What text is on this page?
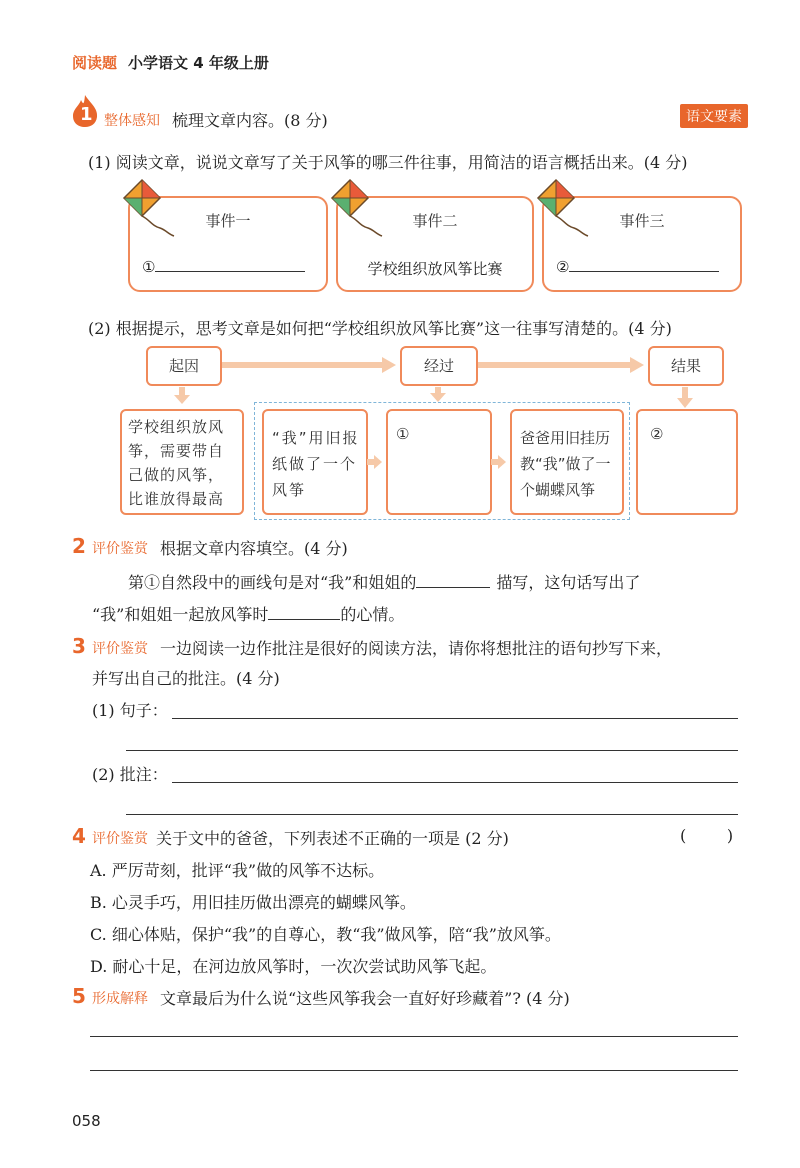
阅读题 小学语文 4 年级上册
1 整体感知 梳理文章内容。(8 分)	语文要素
(1) 阅读文章，说说文章写了关于风筝的哪三件往事，用简洁的语言概括出来。(4 分)
事件一	事件二	事件三
①	学校组织放风筝比赛	②
(2) 根据提示，思考文章是如何把“学校组织放风筝比赛”这一往事写清楚的。(4 分)
起因	经过	结果
学校组织放风筝，需要带自己做的风筝，比谁放得最高
“我”用旧报纸做了一个风筝
①	爸爸用旧挂历教“我”做了一个蝴蝶风筝
②
2 评价鉴赏 根据文章内容填空。(4 分)
第①自然段中的画线句是对“我”和姐姐的	描写，这句话写出了
“我”和姐姐一起放风筝时	的心情。
3 评价鉴赏 一边阅读一边作批注是很好的阅读方法，请你将想批注的语句抄写下来，
并写出自己的批注。(4 分)
(1) 句子：
(2) 批注：
4 评价鉴赏 关于文中的爸爸，下列表述不正确的一项是 (2 分)	(        )
A. 严厉苛刻，批评“我”做的风筝不达标。
B. 心灵手巧，用旧挂历做出漂亮的蝴蝶风筝。
C. 细心体贴，保护“我”的自尊心，教“我”做风筝，陪“我”放风筝。
D. 耐心十足，在河边放风筝时，一次次尝试助风筝飞起。
5 形成解释 文章最后为什么说“这些风筝我会一直好好珍藏着”? (4 分)
058
